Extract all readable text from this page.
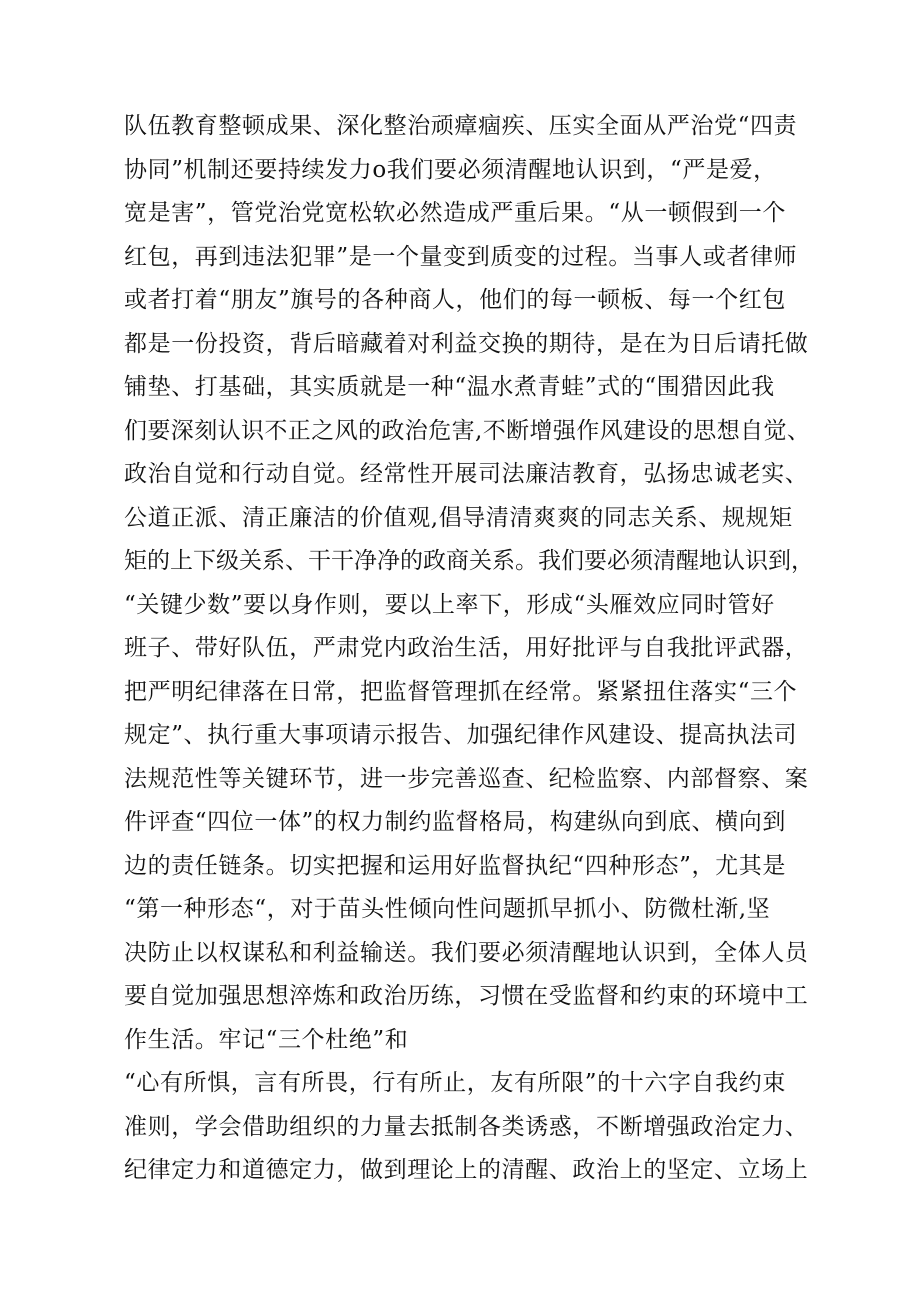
队伍教育整顿成果、深化整治顽瘴痼疾、压实全面从严治党“四责
协同”机制还要持续发力o我们要必须清醒地认识到，“严是爱，
宽是害”，管党治党宽松软必然造成严重后果。“从一顿假到一个
红包，再到违法犯罪”是一个量变到质变的过程。当事人或者律师
或者打着“朋友”旗号的各种商人，他们的每一顿板、每一个红包
都是一份投资，背后暗藏着对利益交换的期待，是在为日后请托做
铺垫、打基础，其实质就是一种“温水煮青蛙”式的“围猎因此我
们要深刻认识不正之风的政治危害,不断增强作风建设的思想自觉、
政治自觉和行动自觉。经常性开展司法廉洁教育，弘扬忠诚老实、
公道正派、清正廉洁的价值观,倡导清清爽爽的同志关系、规规矩
矩的上下级关系、干干净净的政商关系。我们要必须清醒地认识到，
“关键少数”要以身作则，要以上率下，形成“头雁效应同时管好
班子、带好队伍，严肃党内政治生活，用好批评与自我批评武器，
把严明纪律落在日常，把监督管理抓在经常。紧紧扭住落实“三个
规定”、执行重大事项请示报告、加强纪律作风建设、提高执法司
法规范性等关键环节，进一步完善巡查、纪检监察、内部督察、案
件评查“四位一体”的权力制约监督格局，构建纵向到底、横向到
边的责任链条。切实把握和运用好监督执纪“四种形态”，尤其是
“第一种形态“，对于苗头性倾向性问题抓早抓小、防微杜渐,坚
决防止以权谋私和利益输送。我们要必须清醒地认识到，全体人员
要自觉加强思想淬炼和政治历练，习惯在受监督和约束的环境中工
作生活。牢记“三个杜绝”和
“心有所惧，言有所畏，行有所止，友有所限”的十六字自我约束
准则，学会借助组织的力量去抵制各类诱惑，不断增强政治定力、
纪律定力和道德定力，做到理论上的清醒、政治上的坚定、立场上
